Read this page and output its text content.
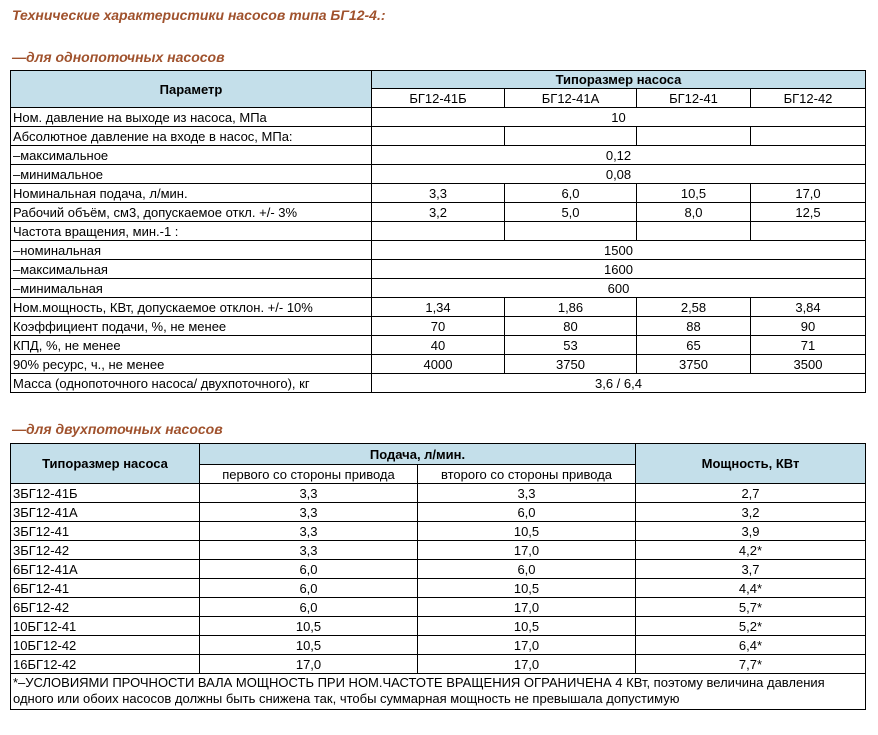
Технические характеристики насосов типа БГ12-4.:
—для однопоточных насосов
Параметр	Типоразмер насоса			
	БГ12-41Б	БГ12-41А	БГ12-41	БГ12-42
Ном. давление на выходе из насоса, МПа	10			
Абсолютное давление на входе в насос, МПа:				
–максимальное	0,12			
–минимальное	0,08			
Номинальная подача, л/мин.	3,3	6,0	10,5	17,0
Рабочий объём, см3, допускаемое откл. +/- 3%	3,2	5,0	8,0	12,5
Частота вращения, мин.-1 :				
–номинальная	1500			
–максимальная	1600			
–минимальная	600			
Ном.мощность, КВт, допускаемое отклон. +/- 10%	1,34	1,86	2,58	3,84
Коэффициент подачи, %, не менее	70	80	88	90
КПД, %, не менее	40	53	65	71
90% ресурс, ч., не менее	4000	3750	3750	3500
Масса (однопоточного насоса/ двухпоточного), кг	3,6 / 6,4			
—для двухпоточных насосов
Типоразмер насоса	Подача, л/мин.		Мощность, КВт
	первого со стороны привода	второго со стороны привода	
3БГ12-41Б	3,3	3,3	2,7
3БГ12-41А	3,3	6,0	3,2
3БГ12-41	3,3	10,5	3,9
3БГ12-42	3,3	17,0	4,2*
6БГ12-41А	6,0	6,0	3,7
6БГ12-41	6,0	10,5	4,4*
6БГ12-42	6,0	17,0	5,7*
10БГ12-41	10,5	10,5	5,2*
10БГ12-42	10,5	17,0	6,4*
16БГ12-42	17,0	17,0	7,7*
*–УСЛОВИЯМИ ПРОЧНОСТИ ВАЛА МОЩНОСТЬ ПРИ НОМ.ЧАСТОТЕ ВРАЩЕНИЯ ОГРАНИЧЕНА 4 КВт, поэтому величина давления одного или обоих насосов должны быть снижена так, чтобы суммарная мощность не превышала допустимую			
